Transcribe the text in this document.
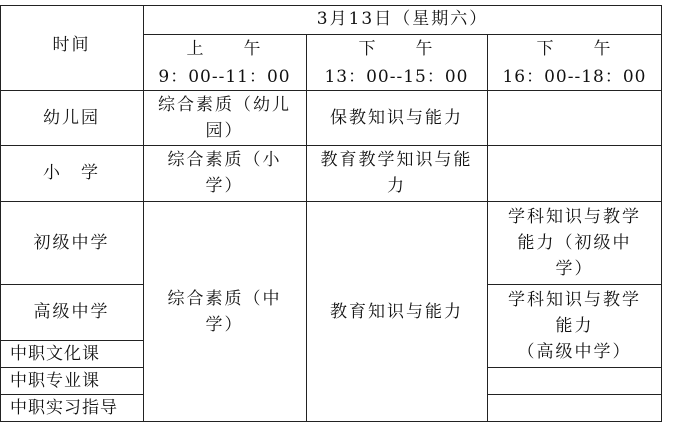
时间
3月13日（星期六）
上　　午
9：00--11：00
下　　午
13：00--15：00
下　　午
16：00--18：00
幼儿园
综合素质（幼儿
园）
保教知识与能力
小　学
综合素质（小
学）
教育教学知识与能
力
初级中学
学科知识与教学
能力（初级中
学）
高级中学
学科知识与教学
能力
（高级中学）
中职文化课
中职专业课
中职实习指导
综合素质（中
学）
教育知识与能力
